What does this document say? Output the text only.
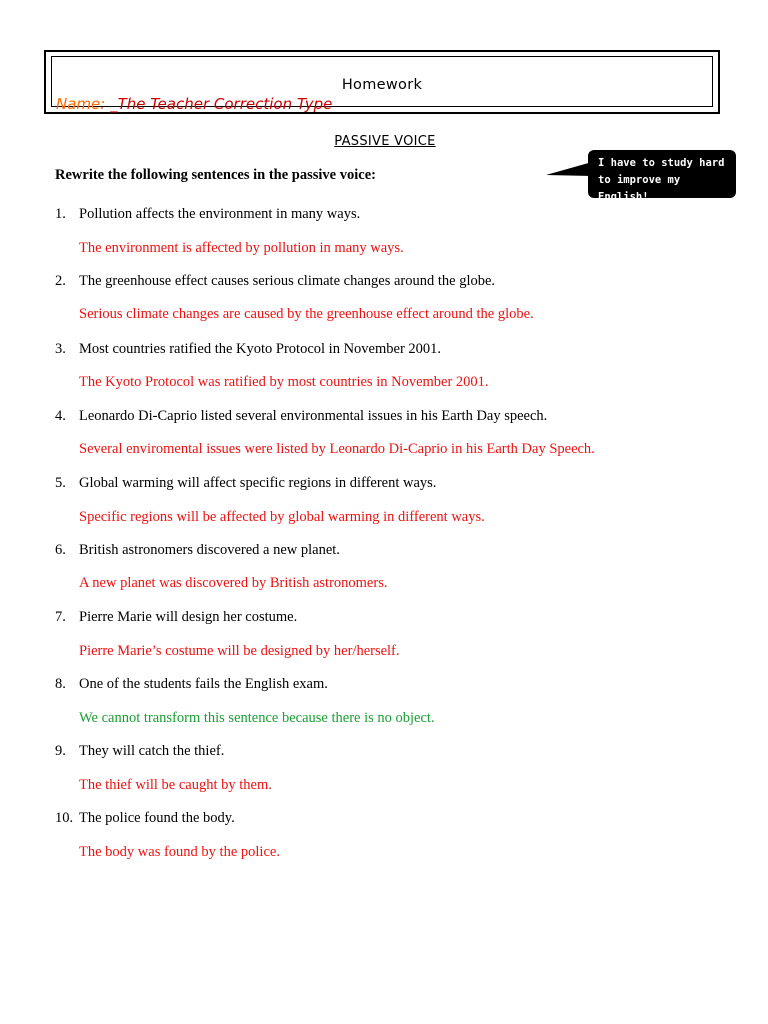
Homework
Name: _The Teacher Correction Type
PASSIVE VOICE
Rewrite the following sentences in the passive voice:
I have to study hard
to improve my English!
1. Pollution affects the environment in many ways.
The environment is affected by pollution in many ways.
2. The greenhouse effect causes serious climate changes around the globe.
Serious climate changes are caused by the greenhouse effect around the globe.
3. Most countries ratified the Kyoto Protocol in November 2001.
The Kyoto Protocol was ratified by most countries in November 2001.
4. Leonardo Di-Caprio listed several environmental issues in his Earth Day speech.
Several enviromental issues were listed by Leonardo Di-Caprio in his Earth Day Speech.
5. Global warming will affect specific regions in different ways.
Specific regions will be affected by global warming in different ways.
6. British astronomers discovered a new planet.
A new planet was discovered by British astronomers.
7. Pierre Marie will design her costume.
Pierre Marie’s costume will be designed by her/herself.
8. One of the students fails the English exam.
We cannot transform this sentence because there is no object.
9. They will catch the thief.
The thief will be caught by them.
10. The police found the body.
The body was found by the police.
